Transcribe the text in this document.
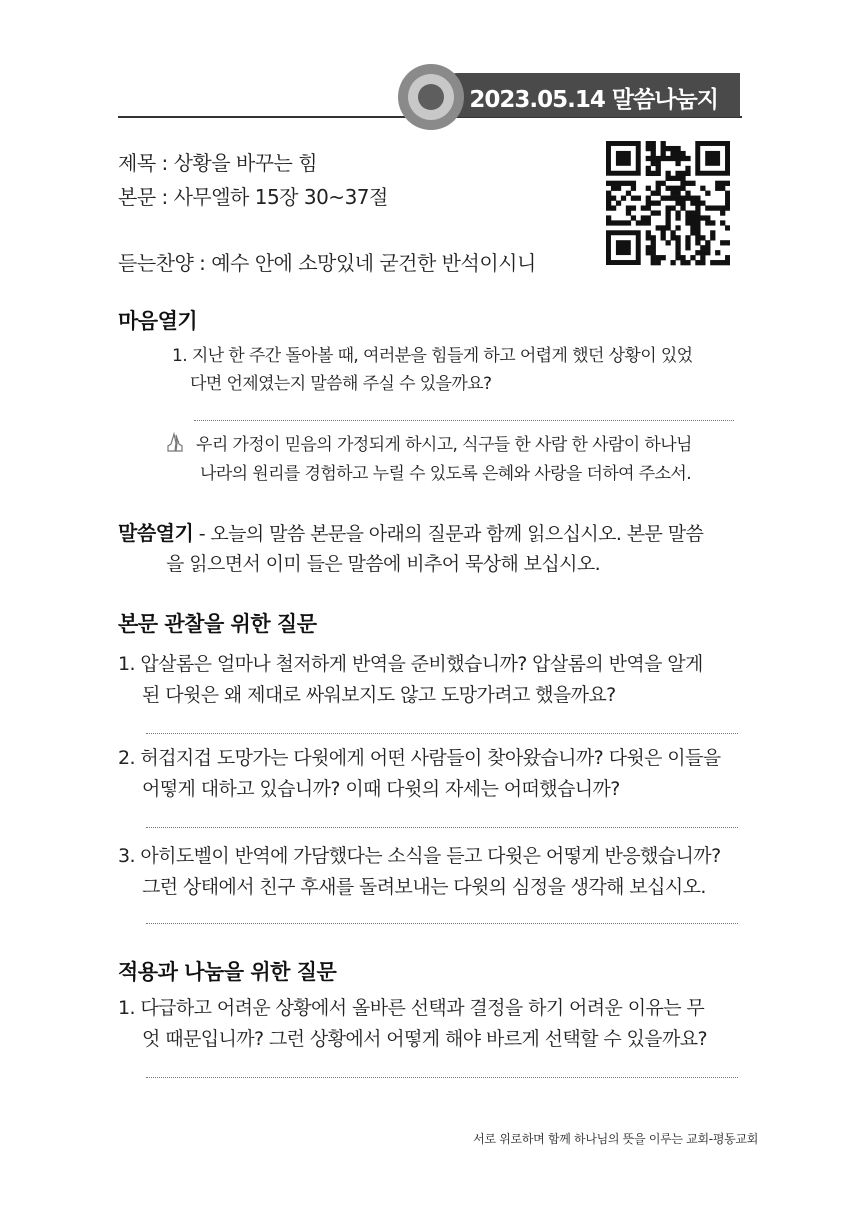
2023.05.14 말씀나눔지
제목 : 상황을 바꾸는 힘
본문 : 사무엘하 15장 30~37절
듣는찬양 : 예수 안에 소망있네 굳건한 반석이시니
마음열기
1. 지난 한 주간 돌아볼 때, 여러분을 힘들게 하고 어렵게 했던 상황이 있었
다면 언제였는지 말씀해 주실 수 있을까요?
우리 가정이 믿음의 가정되게 하시고, 식구들 한 사람 한 사람이 하나님
나라의 원리를 경험하고 누릴 수 있도록 은혜와 사랑을 더하여 주소서.
말씀열기 - 오늘의 말씀 본문을 아래의 질문과 함께 읽으십시오. 본문 말씀
을 읽으면서 이미 들은 말씀에 비추어 묵상해 보십시오.
본문 관찰을 위한 질문
1. 압살롬은 얼마나 철저하게 반역을 준비했습니까? 압살롬의 반역을 알게
된 다윗은 왜 제대로 싸워보지도 않고 도망가려고 했을까요?
2. 허겁지겁 도망가는 다윗에게 어떤 사람들이 찾아왔습니까? 다윗은 이들을
어떻게 대하고 있습니까? 이때 다윗의 자세는 어떠했습니까?
3. 아히도벨이 반역에 가담했다는 소식을 듣고 다윗은 어떻게 반응했습니까?
그런 상태에서 친구 후새를 돌려보내는 다윗의 심정을 생각해 보십시오.
적용과 나눔을 위한 질문
1. 다급하고 어려운 상황에서 올바른 선택과 결정을 하기 어려운 이유는 무
엇 때문입니까? 그런 상황에서 어떻게 해야 바르게 선택할 수 있을까요?
서로 위로하며 함께 하나님의 뜻을 이루는 교회-평동교회
